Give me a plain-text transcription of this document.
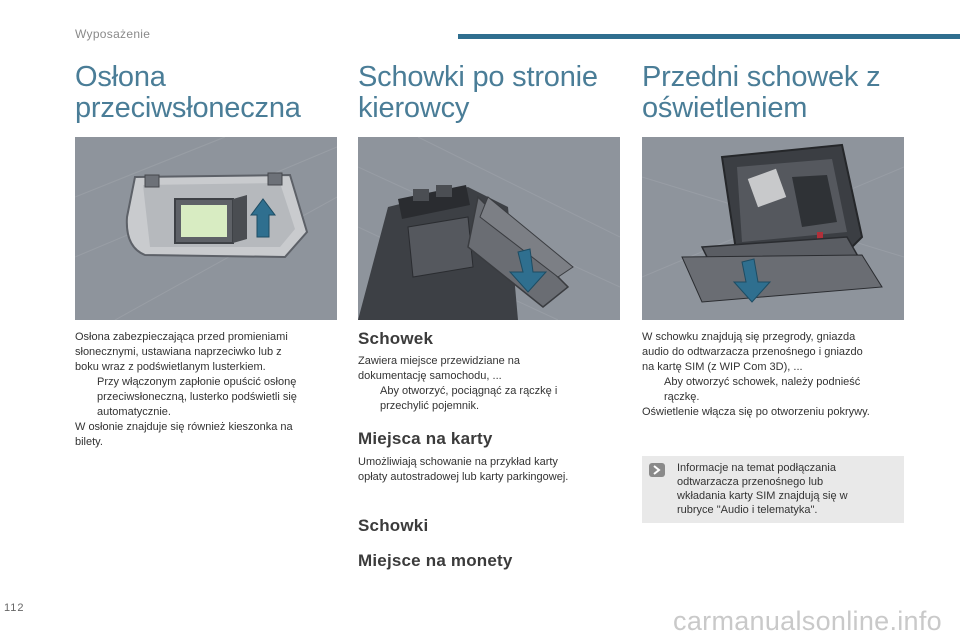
Wyposażenie
Osłona
przeciwsłoneczna

Osłona zabezpieczająca przed promieniami

słonecznymi, ustawiana naprzeciwko lub z

boku wraz z podświetlanym lusterkiem.

Przy włączonym zapłonie opuścić osłonę
przeciwsłoneczną, lusterko podświetli się
automatycznie.

W osłonie znajduje się również kieszonka na

bilety.

Schowki po stronie
kierowcy
Schowek

Zawiera miejsce przewidziane na

dokumentację samochodu, ...

Aby otworzyć, pociągnąć za rączkę i
przechylić pojemnik.
Miejsca na karty

Umożliwiają schowanie na przykład karty

opłaty autostradowej lub karty parkingowej.

Schowki
Miejsce na monety
Przedni schowek z
oświetleniem

W schowku znajdują się przegrody, gniazda

audio do odtwarzacza przenośnego i gniazdo

na kartę SIM (z WIP Com 3D), ...

Aby otworzyć schowek, należy podnieść
rączkę.

Oświetlenie włącza się po otworzeniu pokrywy.

Informacje na temat podłączania
odtwarzacza przenośnego lub
wkładania karty SIM znajdują się w
rubryce "Audio i telematyka".
112	carmanualsonline.info
